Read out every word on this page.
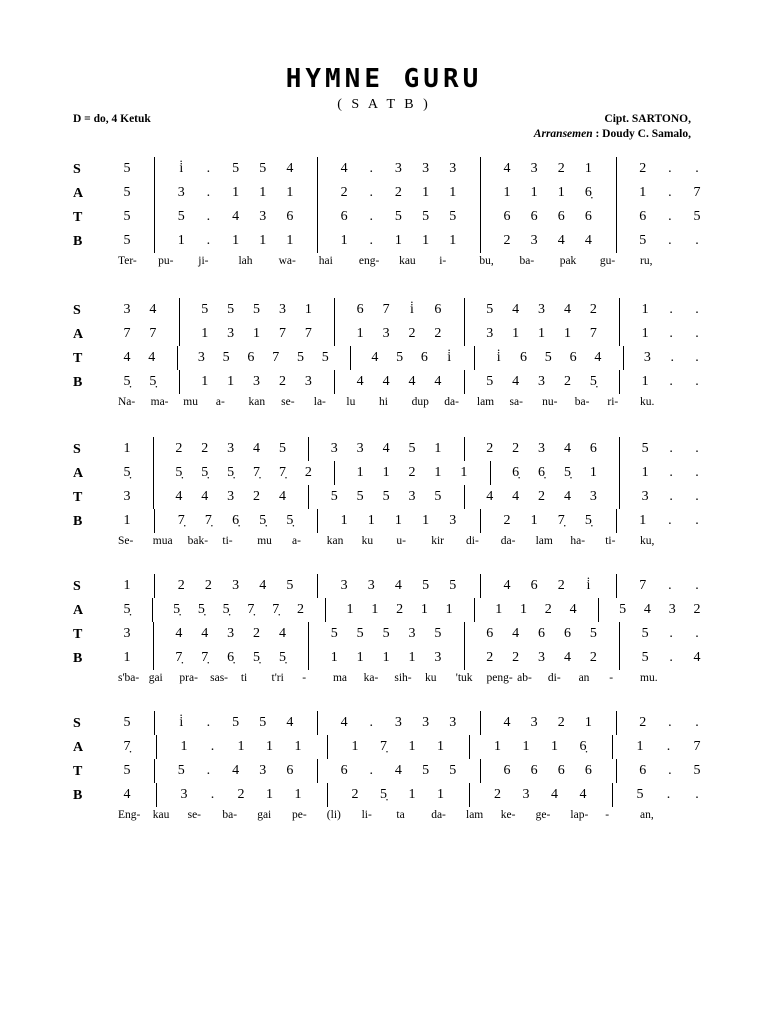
HYMNE GURU
( S A T B )
D = do, 4 Ketuk	Cipt. SARTONO,
Arransemen : Doudy C. Samalo,
S	5	i̇	.	5 5 4	4	.	3 3 3	4 3 2 1	2	.	.
A	5	3	.	1 1 1	2	.	2 1 1	1 1 1 6̣	1	.	7
T	5	5	.	4 3 6	6	.	5 5 5	6 6 6 6	6	.	5
B	5	1	.	1 1 1	1	.	1 1 1	2 3 4 4	5	.	.
Ter- pu- ji-	lah wa- hai eng- kau i-	bu, ba- pak gu- ru,
S	3 4	5 5 5 3 1	6 7	i̇	6	5 4 3 4 2	1	.	.
A	7 7	1 3 1 7 7	1 3 2 2	3 1 1 1 7	1	.	.
T	4 4	3 5 6 7 5 5	4 5 6	i̇	i̇	6 5 6 4	3	.	.
B	5̣ 5̣	1 1 3 2 3	4 4 4 4	5 4 3 2 5̣	1	.	.
Na- ma- mu a- kan se- la- lu hi dup da- lam sa- nu- ba- ri- ku.
S	1	2 2 3 4 5	3 3 4 5 1	2 2 3 4 6	5	.	.
A	5̣	5̣ 5̣ 5̣ 7̣ 7̣ 2	1 1 2 1 1	6̣ 6̣ 5̣ 1	1	.	.
T	3	4 4 3 2 4	5 5 5 3 5	4 4 2 4 3	3	.	.
B	1	7̣ 7̣ 6̣ 5̣ 5̣	1 1 1 1 3	2 1 7̣ 5̣	1	.	.
Se- mua bak- ti- mu a- kan ku u- kir di- da- lam ha- ti- ku,
S	1	2 2 3 4 5	3 3 4 5 5	4 6 2	i̇	7	.	.
A	5̣	5̣ 5̣ 5̣ 7̣ 7̣ 2	1 1 2 1 1	1 1 2 4	5 4 3 2
T	3	4 4 3 2 4	5 5 5 3 5	6 4 6 6 5	5	.	.
B	1	7̣ 7̣ 6̣ 5̣ 5̣	1 1 1 1 3	2 2 3 4 2	5	.	4
s'ba- gai pra- sas- ti t'ri - ma ka- sih- ku 'tuk peng- ab- di- an - mu.
S	5	i̇	.	5 5 4	4	.	3 3 3	4 3 2 1	2	.	.
A	7̣	1	.	1 1 1	1 7̣ 1 1	1 1 1 6̣	1	.	7
T	5	5	.	4 3 6	6	.	4 5 5	6 6 6 6	6	.	5
B	4	3	.	2 1 1	2 5̣ 1 1	2 3 4 4	5	.	.
Eng- kau se- ba- gai pe- (li) li- ta da- lam ke- ge- lap- -	an,
